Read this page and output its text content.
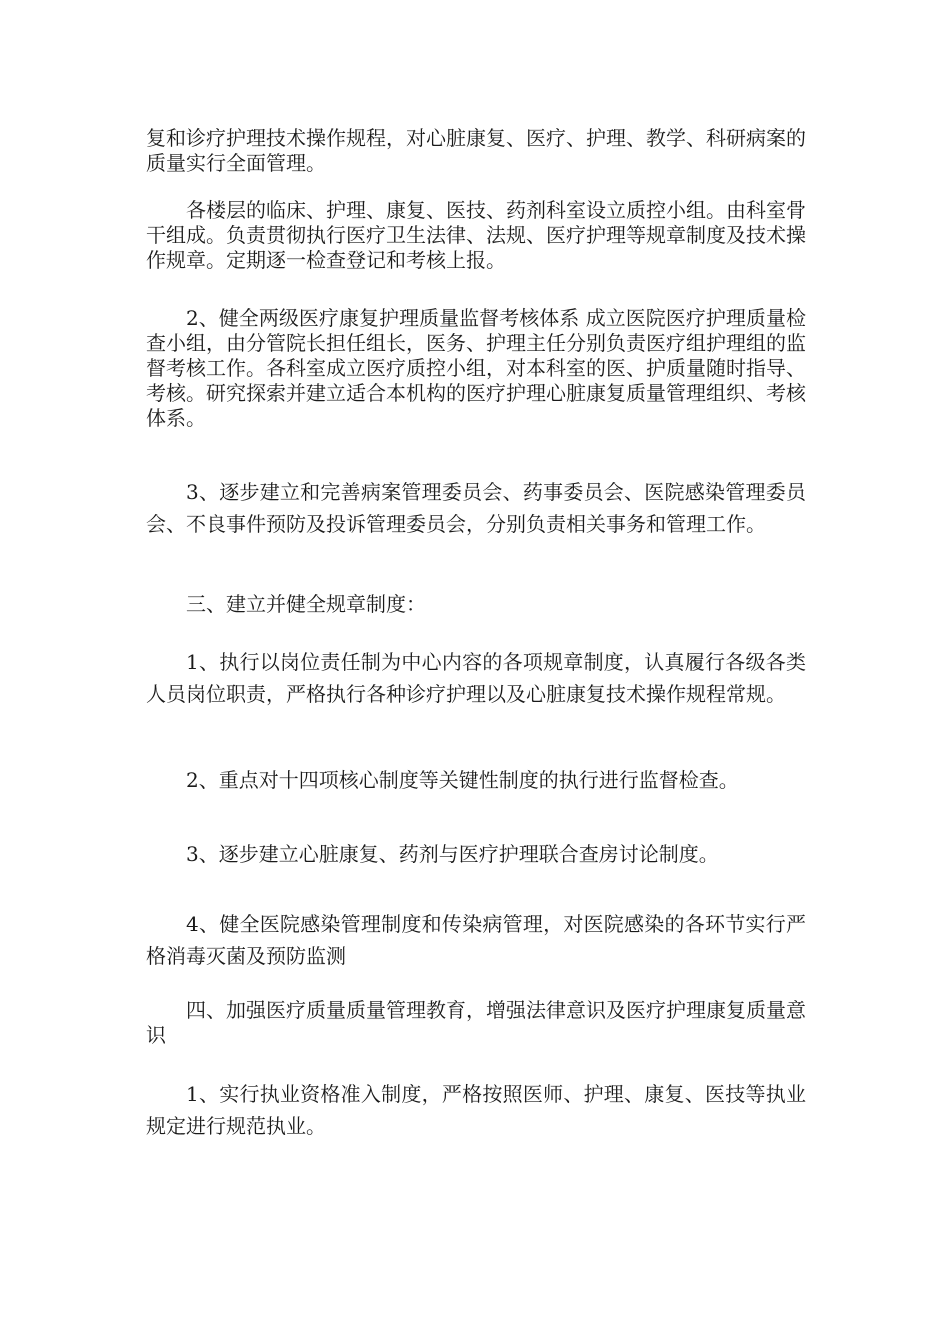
复和诊疗护理技术操作规程，对心脏康复、医疗、护理、教学、科研病案的质量实行全面管理。

各楼层的临床、护理、康复、医技、药剂科室设立质控小组。由科室骨干组成。负责贯彻执行医疗卫生法律、法规、医疗护理等规章制度及技术操作规章。定期逐一检查登记和考核上报。

2、健全两级医疗康复护理质量监督考核体系 成立医院医疗护理质量检查小组，由分管院长担任组长，医务、护理主任分别负责医疗组护理组的监督考核工作。各科室成立医疗质控小组，对本科室的医、护质量随时指导、考核。研究探索并建立适合本机构的医疗护理心脏康复质量管理组织、考核体系。

3、逐步建立和完善病案管理委员会、药事委员会、医院感染管理委员会、不良事件预防及投诉管理委员会，分别负责相关事务和管理工作。

三、建立并健全规章制度：

1、执行以岗位责任制为中心内容的各项规章制度，认真履行各级各类人员岗位职责，严格执行各种诊疗护理以及心脏康复技术操作规程常规。

2、重点对十四项核心制度等关键性制度的执行进行监督检查。

3、逐步建立心脏康复、药剂与医疗护理联合查房讨论制度。

4、健全医院感染管理制度和传染病管理，对医院感染的各环节实行严格消毒灭菌及预防监测

四、加强医疗质量质量管理教育，增强法律意识及医疗护理康复质量意识

1、实行执业资格准入制度，严格按照医师、护理、康复、医技等执业规定进行规范执业。
